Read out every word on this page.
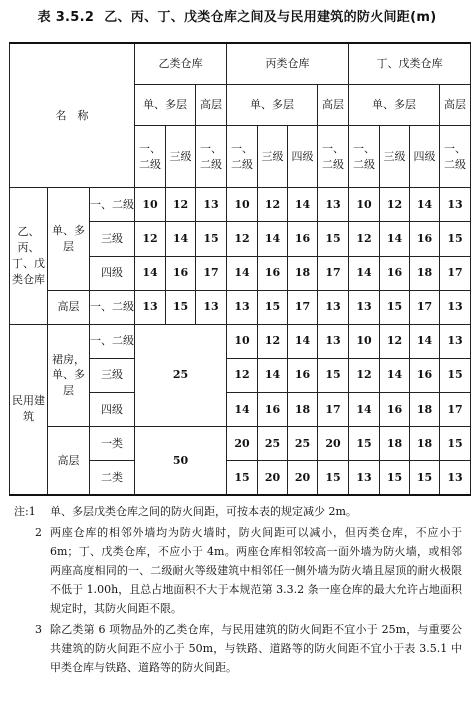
表 3.5.2 乙、丙、丁、戊类仓库之间及与民用建筑的防火间距(m)
名　称			乙类仓库			丙类仓库				丁、戊类仓库			
			单、多层		高层	单、多层			高层	单、多层			高层
			一、二级	三级	一、二级	一、二级	三级	四级	一、二级	一、二级	三级	四级	一、二级
乙、丙、丁、戊类仓库	单、多层	一、二级	10	12	13	10	12	14	13	10	12	14	13
		三级	12	14	15	12	14	16	15	12	14	16	15
		四级	14	16	17	14	16	18	17	14	16	18	17
	高层	一、二级	13	15	13	13	15	17	13	13	15	17	13
民用建筑	裙房，单、多层	一、二级	25			10	12	14	13	10	12	14	13
		三级				12	14	16	15	12	14	16	15
		四级				14	16	18	17	14	16	18	17
	高层	一类	50			20	25	25	20	15	18	18	15
		二类				15	20	20	15	13	15	15	13
注:1	单、多层戊类仓库之间的防火间距，可按本表的规定减少 2m。
2 两座仓库的相邻外墙均为防火墙时，防火间距可以减小，但丙类仓库，不应小于 6m；丁、戊类仓库，不应小于 4m。两座仓库相邻较高一面外墙为防火墙，或相邻两座高度相同的一、二级耐火等级建筑中相邻任一侧外墙为防火墙且屋顶的耐火极限不低于 1.00h，且总占地面积不大于本规范第 3.3.2 条一座仓库的最大允许占地面积规定时，其防火间距不限。
3 除乙类第 6 项物品外的乙类仓库，与民用建筑的防火间距不宜小于 25m，与重要公共建筑的防火间距不应小于 50m，与铁路、道路等的防火间距不宜小于表 3.5.1 中甲类仓库与铁路、道路等的防火间距。
